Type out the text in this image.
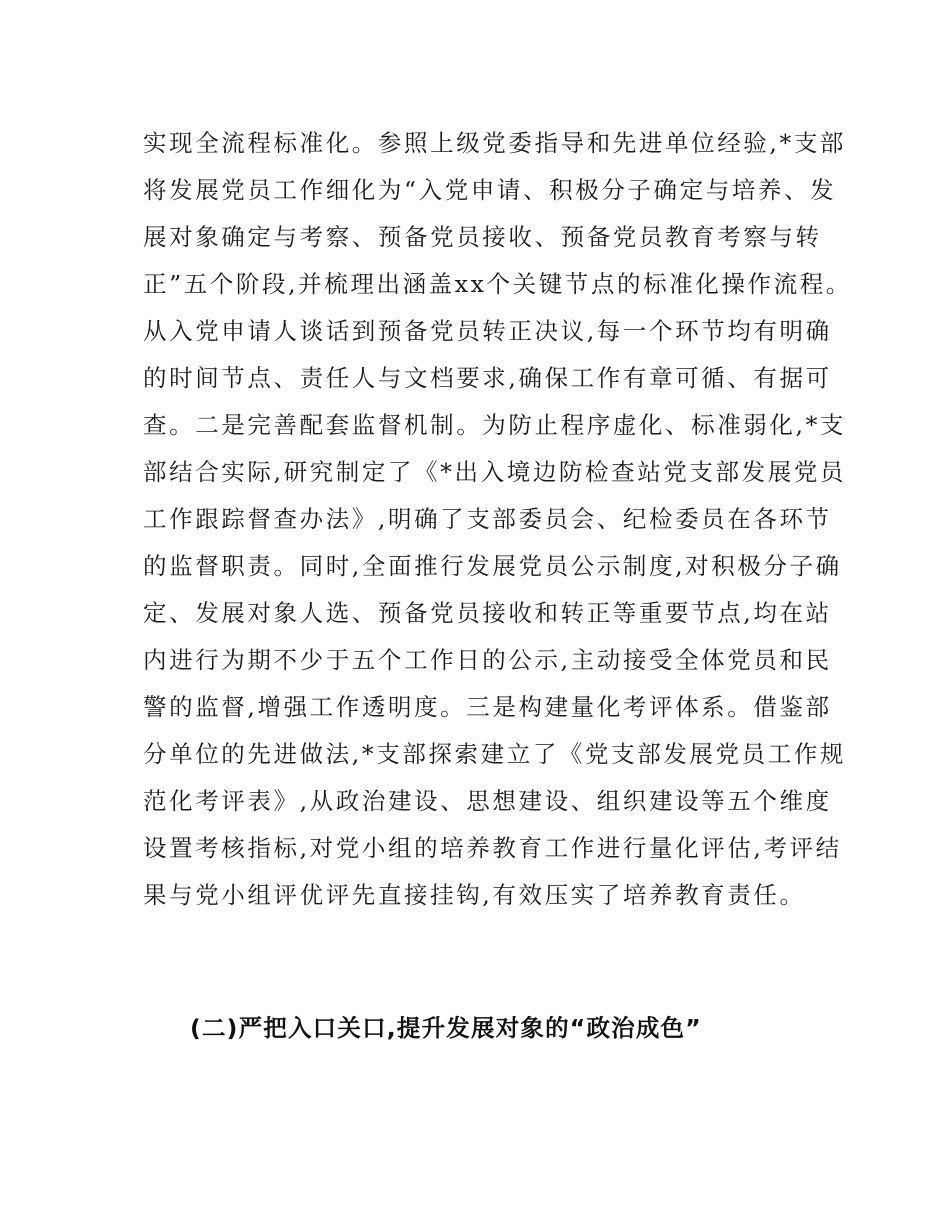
实现全流程标准化。参照上级党委指导和先进单位经验,*支部

将发展党员工作细化为“入党申请、积极分子确定与培养、发

展对象确定与考察、预备党员接收、预备党员教育考察与转

正”五个阶段,并梳理出涵盖xx个关键节点的标准化操作流程。

从入党申请人谈话到预备党员转正决议,每一个环节均有明确

的时间节点、责任人与文档要求,确保工作有章可循、有据可

查。二是完善配套监督机制。为防止程序虚化、标准弱化,*支

部结合实际,研究制定了《*出入境边防检查站党支部发展党员

工作跟踪督查办法》,明确了支部委员会、纪检委员在各环节

的监督职责。同时,全面推行发展党员公示制度,对积极分子确

定、发展对象人选、预备党员接收和转正等重要节点,均在站

内进行为期不少于五个工作日的公示,主动接受全体党员和民

警的监督,增强工作透明度。三是构建量化考评体系。借鉴部

分单位的先进做法,*支部探索建立了《党支部发展党员工作规

范化考评表》,从政治建设、思想建设、组织建设等五个维度

设置考核指标,对党小组的培养教育工作进行量化评估,考评结

果与党小组评优评先直接挂钩,有效压实了培养教育责任。

(二)严把入口关口,提升发展对象的“政治成色”
